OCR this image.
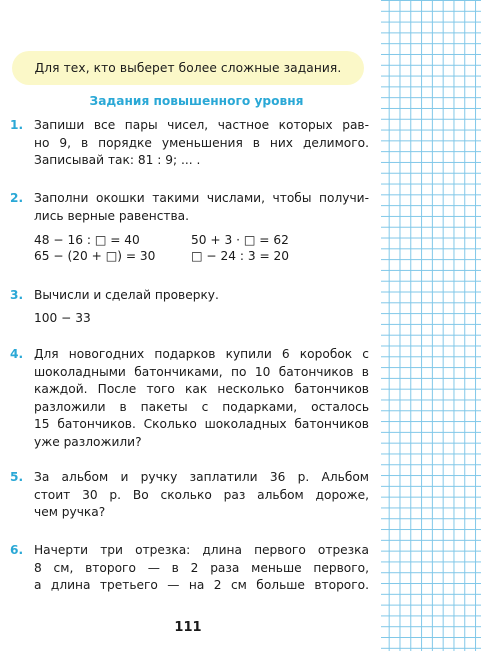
Для тех, кто выберет более сложные задания.
Задания повышенного уровня
1. Запиши все пары чисел, частное которых рав-
но 9, в порядке уменьшения в них делимого.
Записывай так: 81 : 9; ... .
2. Заполни окошки такими числами, чтобы получи-
лись верные равенства.
48 − 16 : □ = 40	50 + 3 · □ = 62
65 − (20 + □) = 30	□ − 24 : 3 = 20
3. Вычисли и сделай проверку.
100 − 33
4. Для новогодних подарков купили 6 коробок с
шоколадными батончиками, по 10 батончиков в
каждой. После того как несколько батончиков
разложили в пакеты с подарками, осталось
15 батончиков. Сколько шоколадных батончиков
уже разложили?
5. За альбом и ручку заплатили 36 р. Альбом
стоит 30 р. Во сколько раз альбом дороже,
чем ручка?
6. Начерти три отрезка: длина первого отрезка
8 см, второго — в 2 раза меньше первого,
а длина третьего — на 2 см больше второго.
111
